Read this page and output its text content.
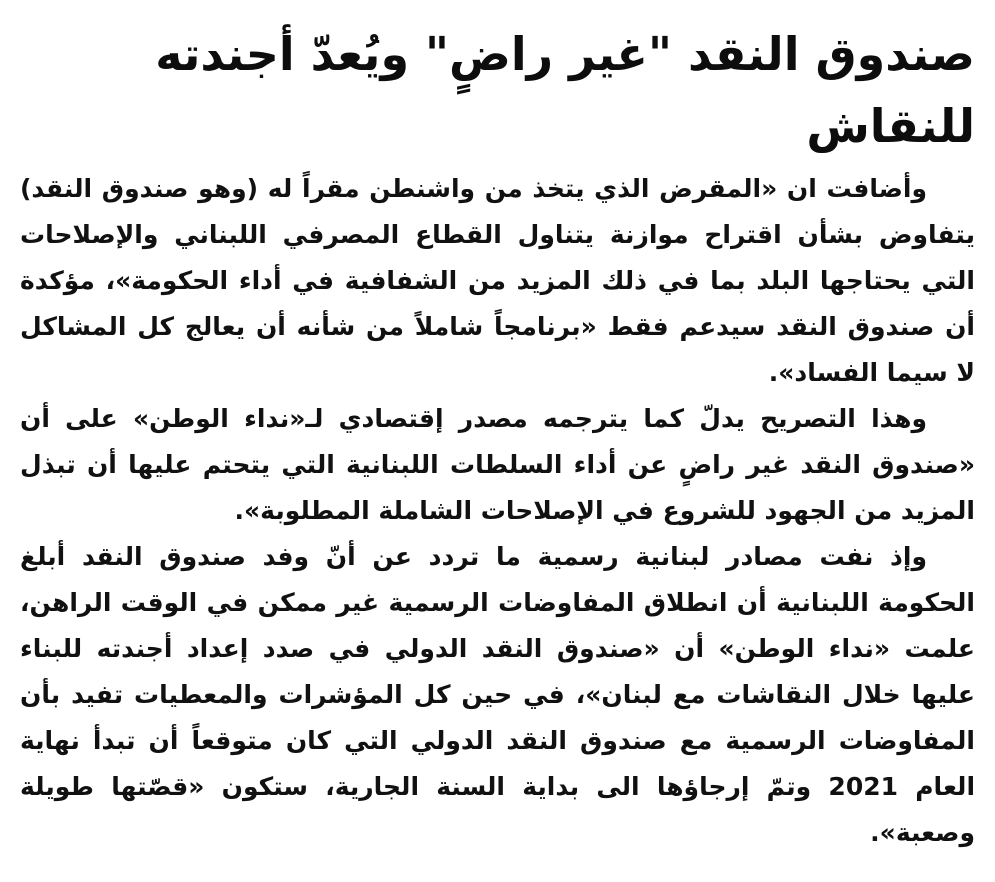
صندوق النقد "غير راضٍ" ويُعدّ أجندته للنقاش

وأضافت ان «المقرض الذي يتخذ من واشنطن مقراً له (وهو صندوق النقد) يتفاوض بشأن اقتراح موازنة يتناول القطاع المصرفي اللبناني والإصلاحات التي يحتاجها البلد بما في ذلك المزيد من الشفافية في أداء الحكومة»، مؤكدة أن صندوق النقد سيدعم فقط «برنامجاً شاملاً من شأنه أن يعالج كل المشاكل لا سيما الفساد».

وهذا التصريح يدلّ كما يترجمه مصدر إقتصادي لـ«نداء الوطن» على أن «صندوق النقد غير راضٍ عن أداء السلطات اللبنانية التي يتحتم عليها أن تبذل المزيد من الجهود للشروع في الإصلاحات الشاملة المطلوبة».

وإذ نفت مصادر لبنانية رسمية ما تردد عن أنّ وفد صندوق النقد أبلغ الحكومة اللبنانية أن انطلاق المفاوضات الرسمية غير ممكن في الوقت الراهن، علمت «نداء الوطن» أن «صندوق النقد الدولي في صدد إعداد أجندته للبناء عليها خلال النقاشات مع لبنان»، في حين كل المؤشرات والمعطيات تفيد بأن المفاوضات الرسمية مع صندوق النقد الدولي التي كان متوقعاً أن تبدأ نهاية العام 2021 وتمّ إرجاؤها الى بداية السنة الجارية، ستكون «قصّتها طويلة وصعبة».
